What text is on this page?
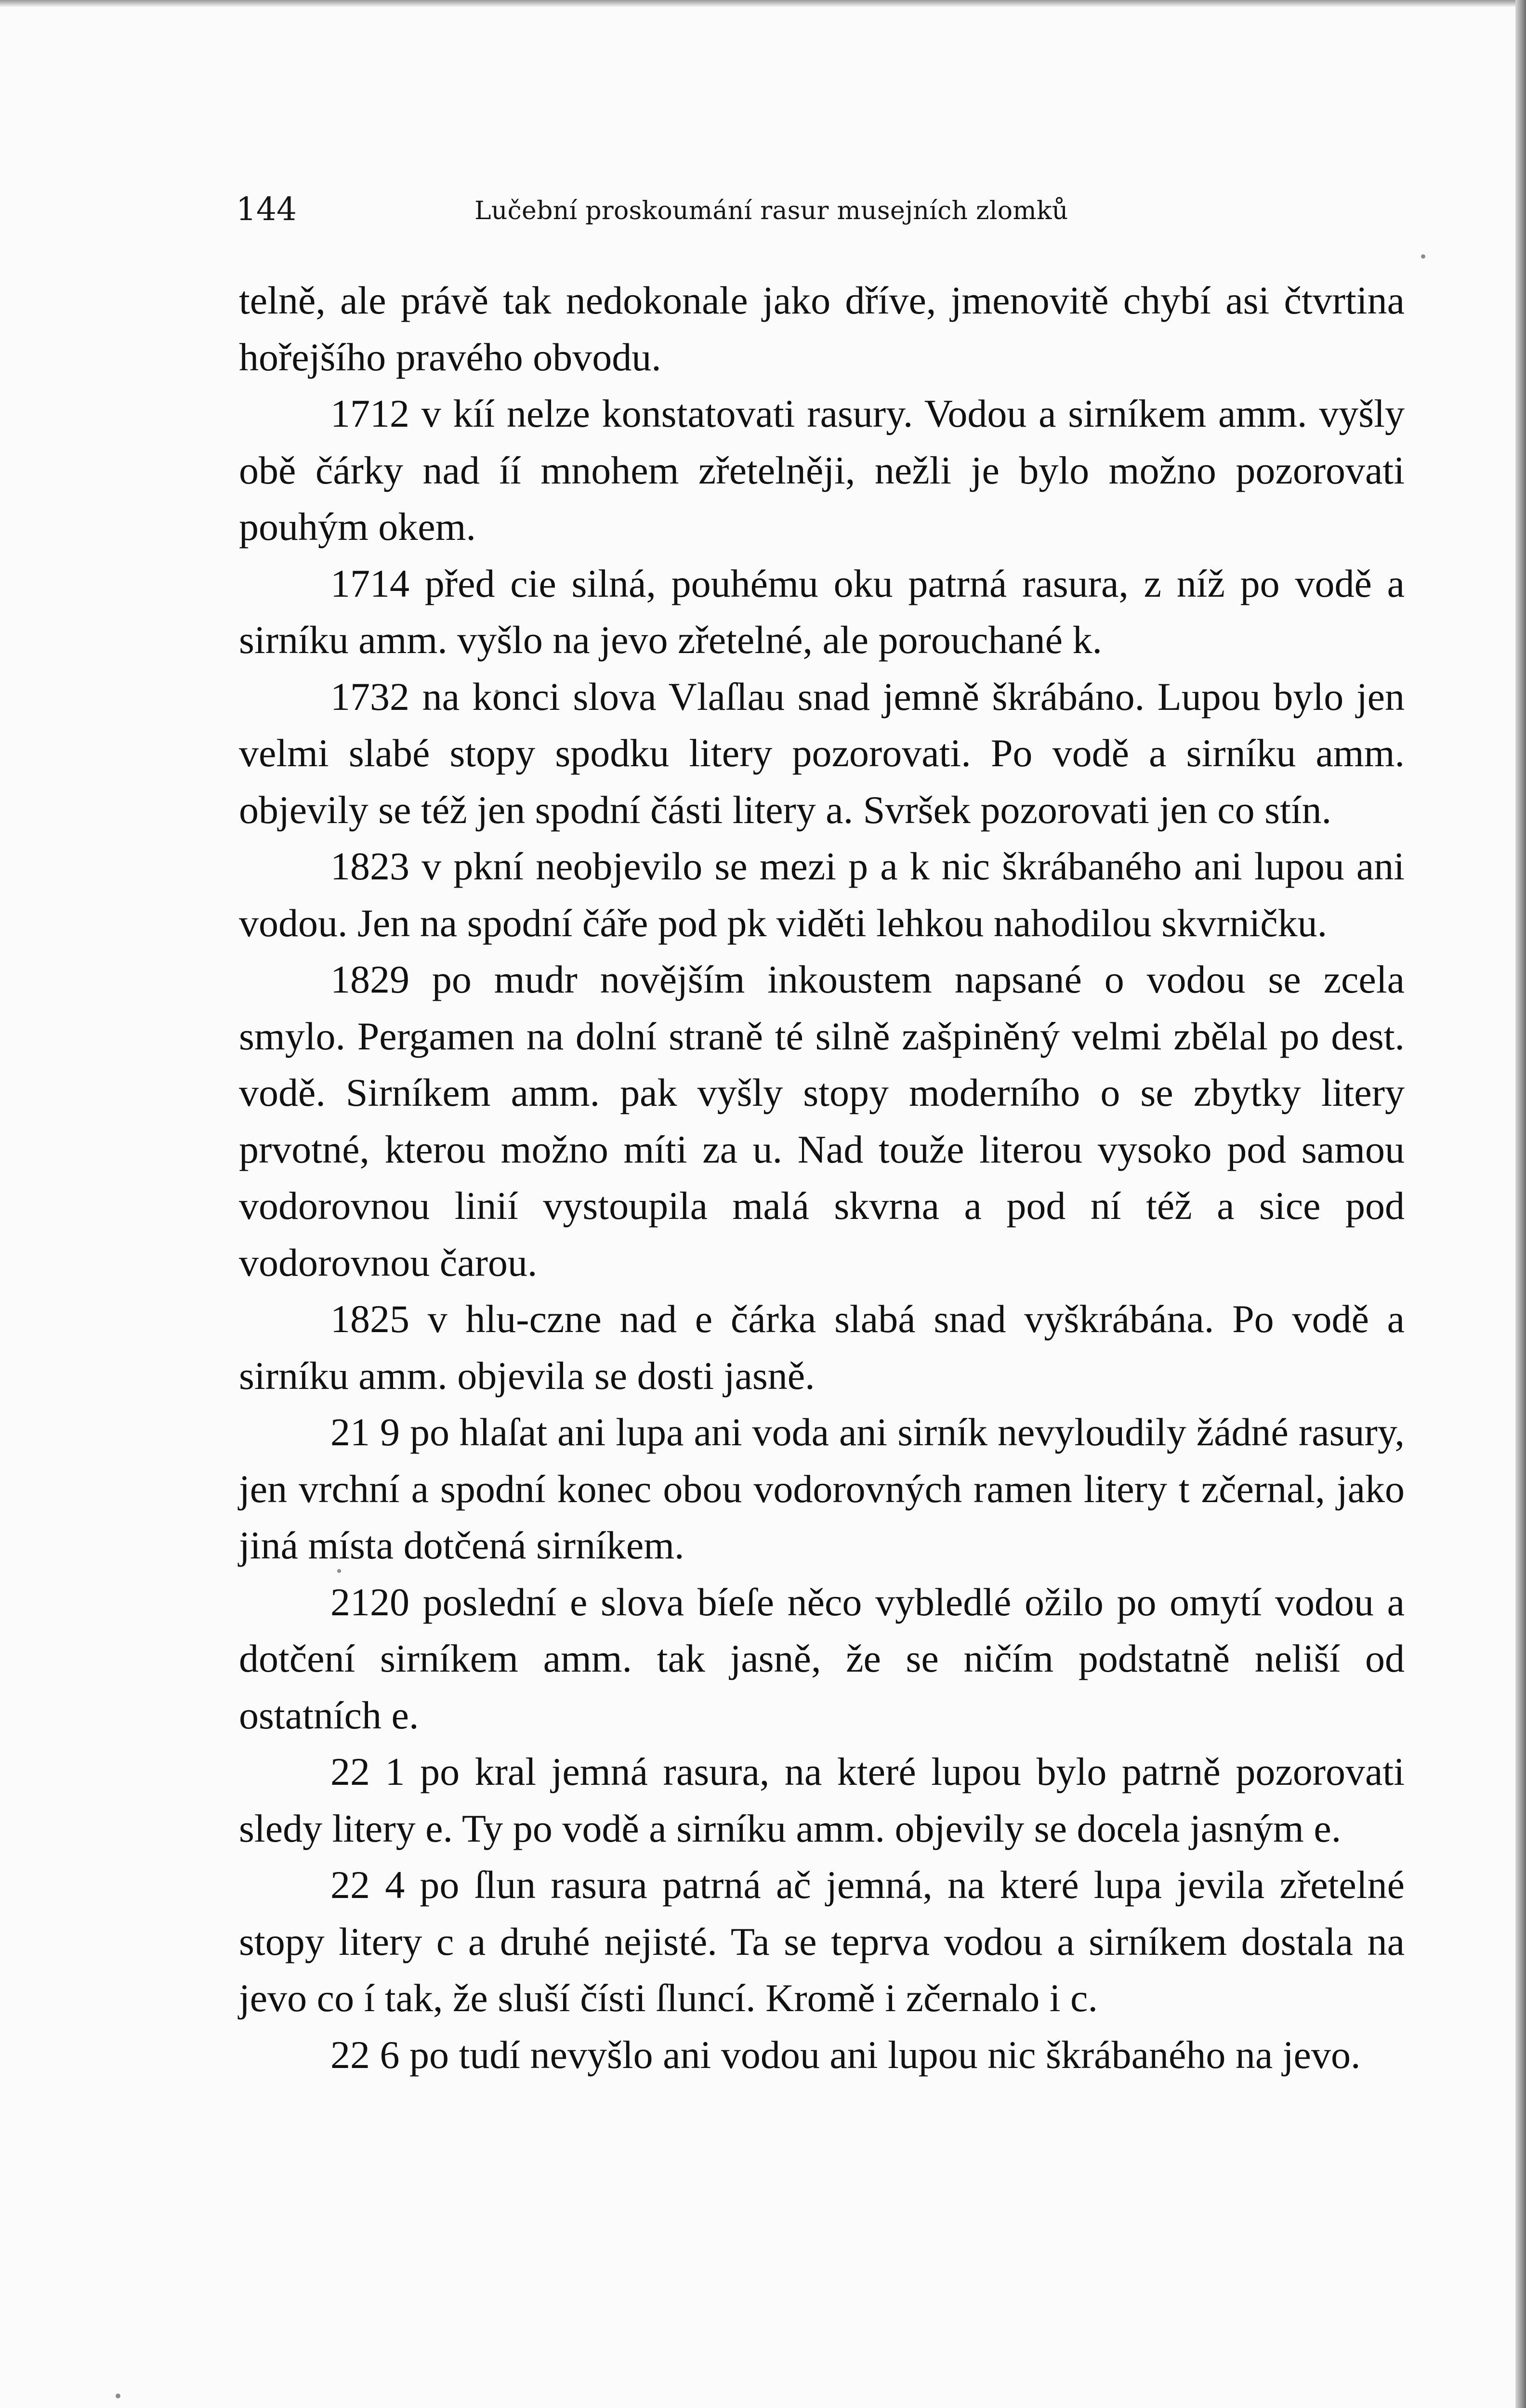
144	Lučební proskoumání rasur musejních zlomků

telně, ale právě tak nedokonale jako dříve, jmenovitě chybí asi čtvrtina hořejšího pravého obvodu.

1712 v kíí nelze konstatovati rasury. Vodou a sirníkem amm. vyšly obě čárky nad íí mnohem zřetelněji, nežli je bylo možno pozorovati pouhým okem.

1714 před cie silná, pouhému oku patrná rasura, z níž po vodě a sirníku amm. vyšlo na jevo zřetelné, ale porouchané k.

1732 na konci slova Vlaſlau snad jemně škrábáno. Lupou bylo jen velmi slabé stopy spodku litery pozorovati. Po vodě a sirníku amm. objevily se též jen spodní části litery a. Svršek pozorovati jen co stín.

1823 v pkní neobjevilo se mezi p a k nic škrábaného ani lupou ani vodou. Jen na spodní čáře pod pk viděti lehkou nahodilou skvrničku.

1829 po mudr novějším inkoustem napsané o vodou se zcela smylo. Pergamen na dolní straně té silně zašpiněný velmi zbělal po dest. vodě. Sirníkem amm. pak vyšly stopy moderního o se zbytky litery prvotné, kterou možno míti za u. Nad touže literou vysoko pod samou vodorovnou linií vystoupila malá skvrna a pod ní též a sice pod vodorovnou čarou.

1825 v hlu-czne nad e čárka slabá snad vyškrábána. Po vodě a sirníku amm. objevila se dosti jasně.

21 9 po hlaſat ani lupa ani voda ani sirník nevyloudily žádné rasury, jen vrchní a spodní konec obou vodorovných ramen litery t zčernal, jako jiná místa dotčená sirníkem.

2120 poslední e slova bíeſe něco vybledlé ožilo po omytí vodou a dotčení sirníkem amm. tak jasně, že se ničím podstatně neliší od ostatních e.

22 1 po kral jemná rasura, na které lupou bylo patrně pozorovati sledy litery e. Ty po vodě a sirníku amm. objevily se docela jasným e.

22 4 po ſlun rasura patrná ač jemná, na které lupa jevila zřetelné stopy litery c a druhé nejisté. Ta se teprva vodou a sirníkem dostala na jevo co í tak, že sluší čísti ſluncí. Kromě i zčernalo i c.

22 6 po tudí nevyšlo ani vodou ani lupou nic škrábaného na jevo.
